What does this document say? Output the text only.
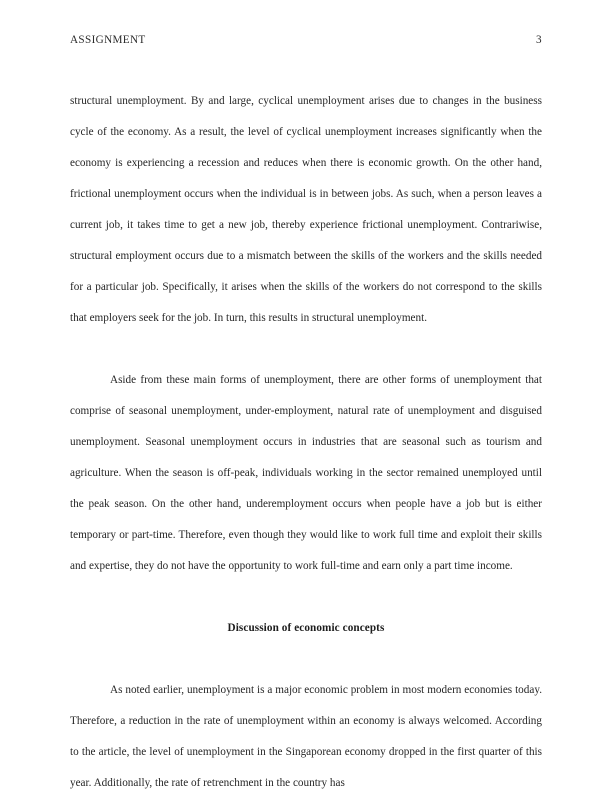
ASSIGNMENT	3

structural unemployment. By and large, cyclical unemployment arises due to changes in the business cycle of the economy. As a result, the level of cyclical unemployment increases significantly when the economy is experiencing a recession and reduces when there is economic growth. On the other hand, frictional unemployment occurs when the individual is in between jobs. As such, when a person leaves a current job, it takes time to get a new job, thereby experience frictional unemployment. Contrariwise, structural employment occurs due to a mismatch between the skills of the workers and the skills needed for a particular job. Specifically, it arises when the skills of the workers do not correspond to the skills that employers seek for the job. In turn, this results in structural unemployment.

Aside from these main forms of unemployment, there are other forms of unemployment that comprise of seasonal unemployment, under-employment, natural rate of unemployment and disguised unemployment. Seasonal unemployment occurs in industries that are seasonal such as tourism and agriculture. When the season is off-peak, individuals working in the sector remained unemployed until the peak season. On the other hand, underemployment occurs when people have a job but is either temporary or part-time. Therefore, even though they would like to work full time and exploit their skills and expertise, they do not have the opportunity to work full-time and earn only a part time income.

Discussion of economic concepts

As noted earlier, unemployment is a major economic problem in most modern economies today. Therefore, a reduction in the rate of unemployment within an economy is always welcomed. According to the article, the level of unemployment in the Singaporean economy dropped in the first quarter of this year. Additionally, the rate of retrenchment in the country has
